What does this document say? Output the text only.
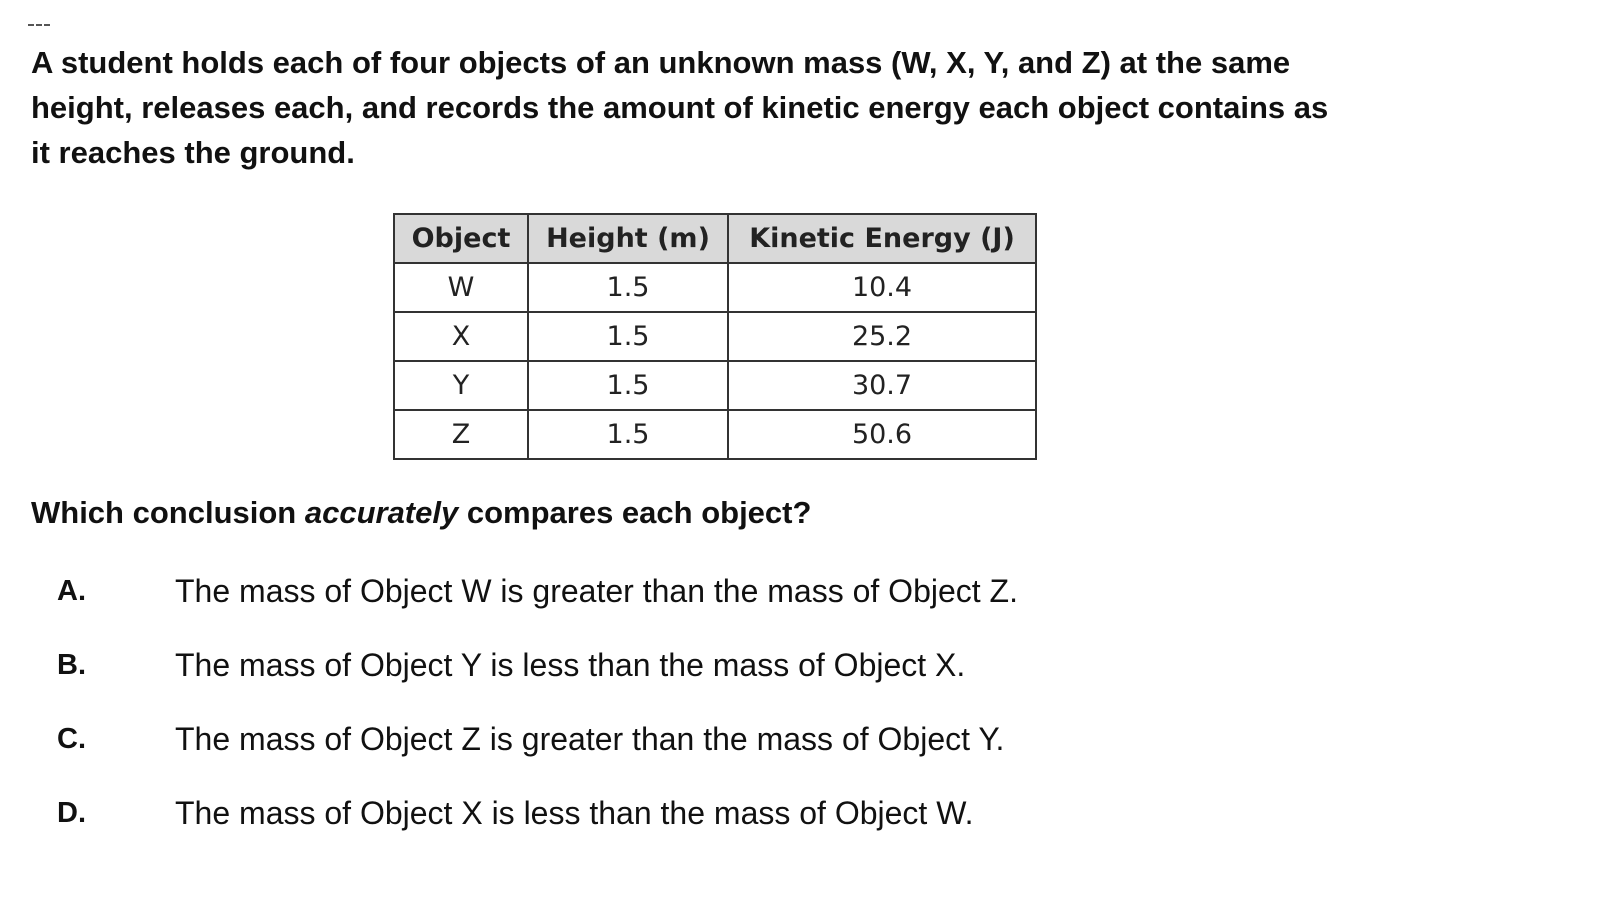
A student holds each of four objects of an unknown mass (W, X, Y, and Z) at the same height, releases each, and records the amount of kinetic energy each object contains as it reaches the ground.

Object	Height (m)	Kinetic Energy (J)
W	1.5	10.4
X	1.5	25.2
Y	1.5	30.7
Z	1.5	50.6

Which conclusion accurately compares each object?

A.	The mass of Object W is greater than the mass of Object Z.
B.	The mass of Object Y is less than the mass of Object X.
C.	The mass of Object Z is greater than the mass of Object Y.
D.	The mass of Object X is less than the mass of Object W.
